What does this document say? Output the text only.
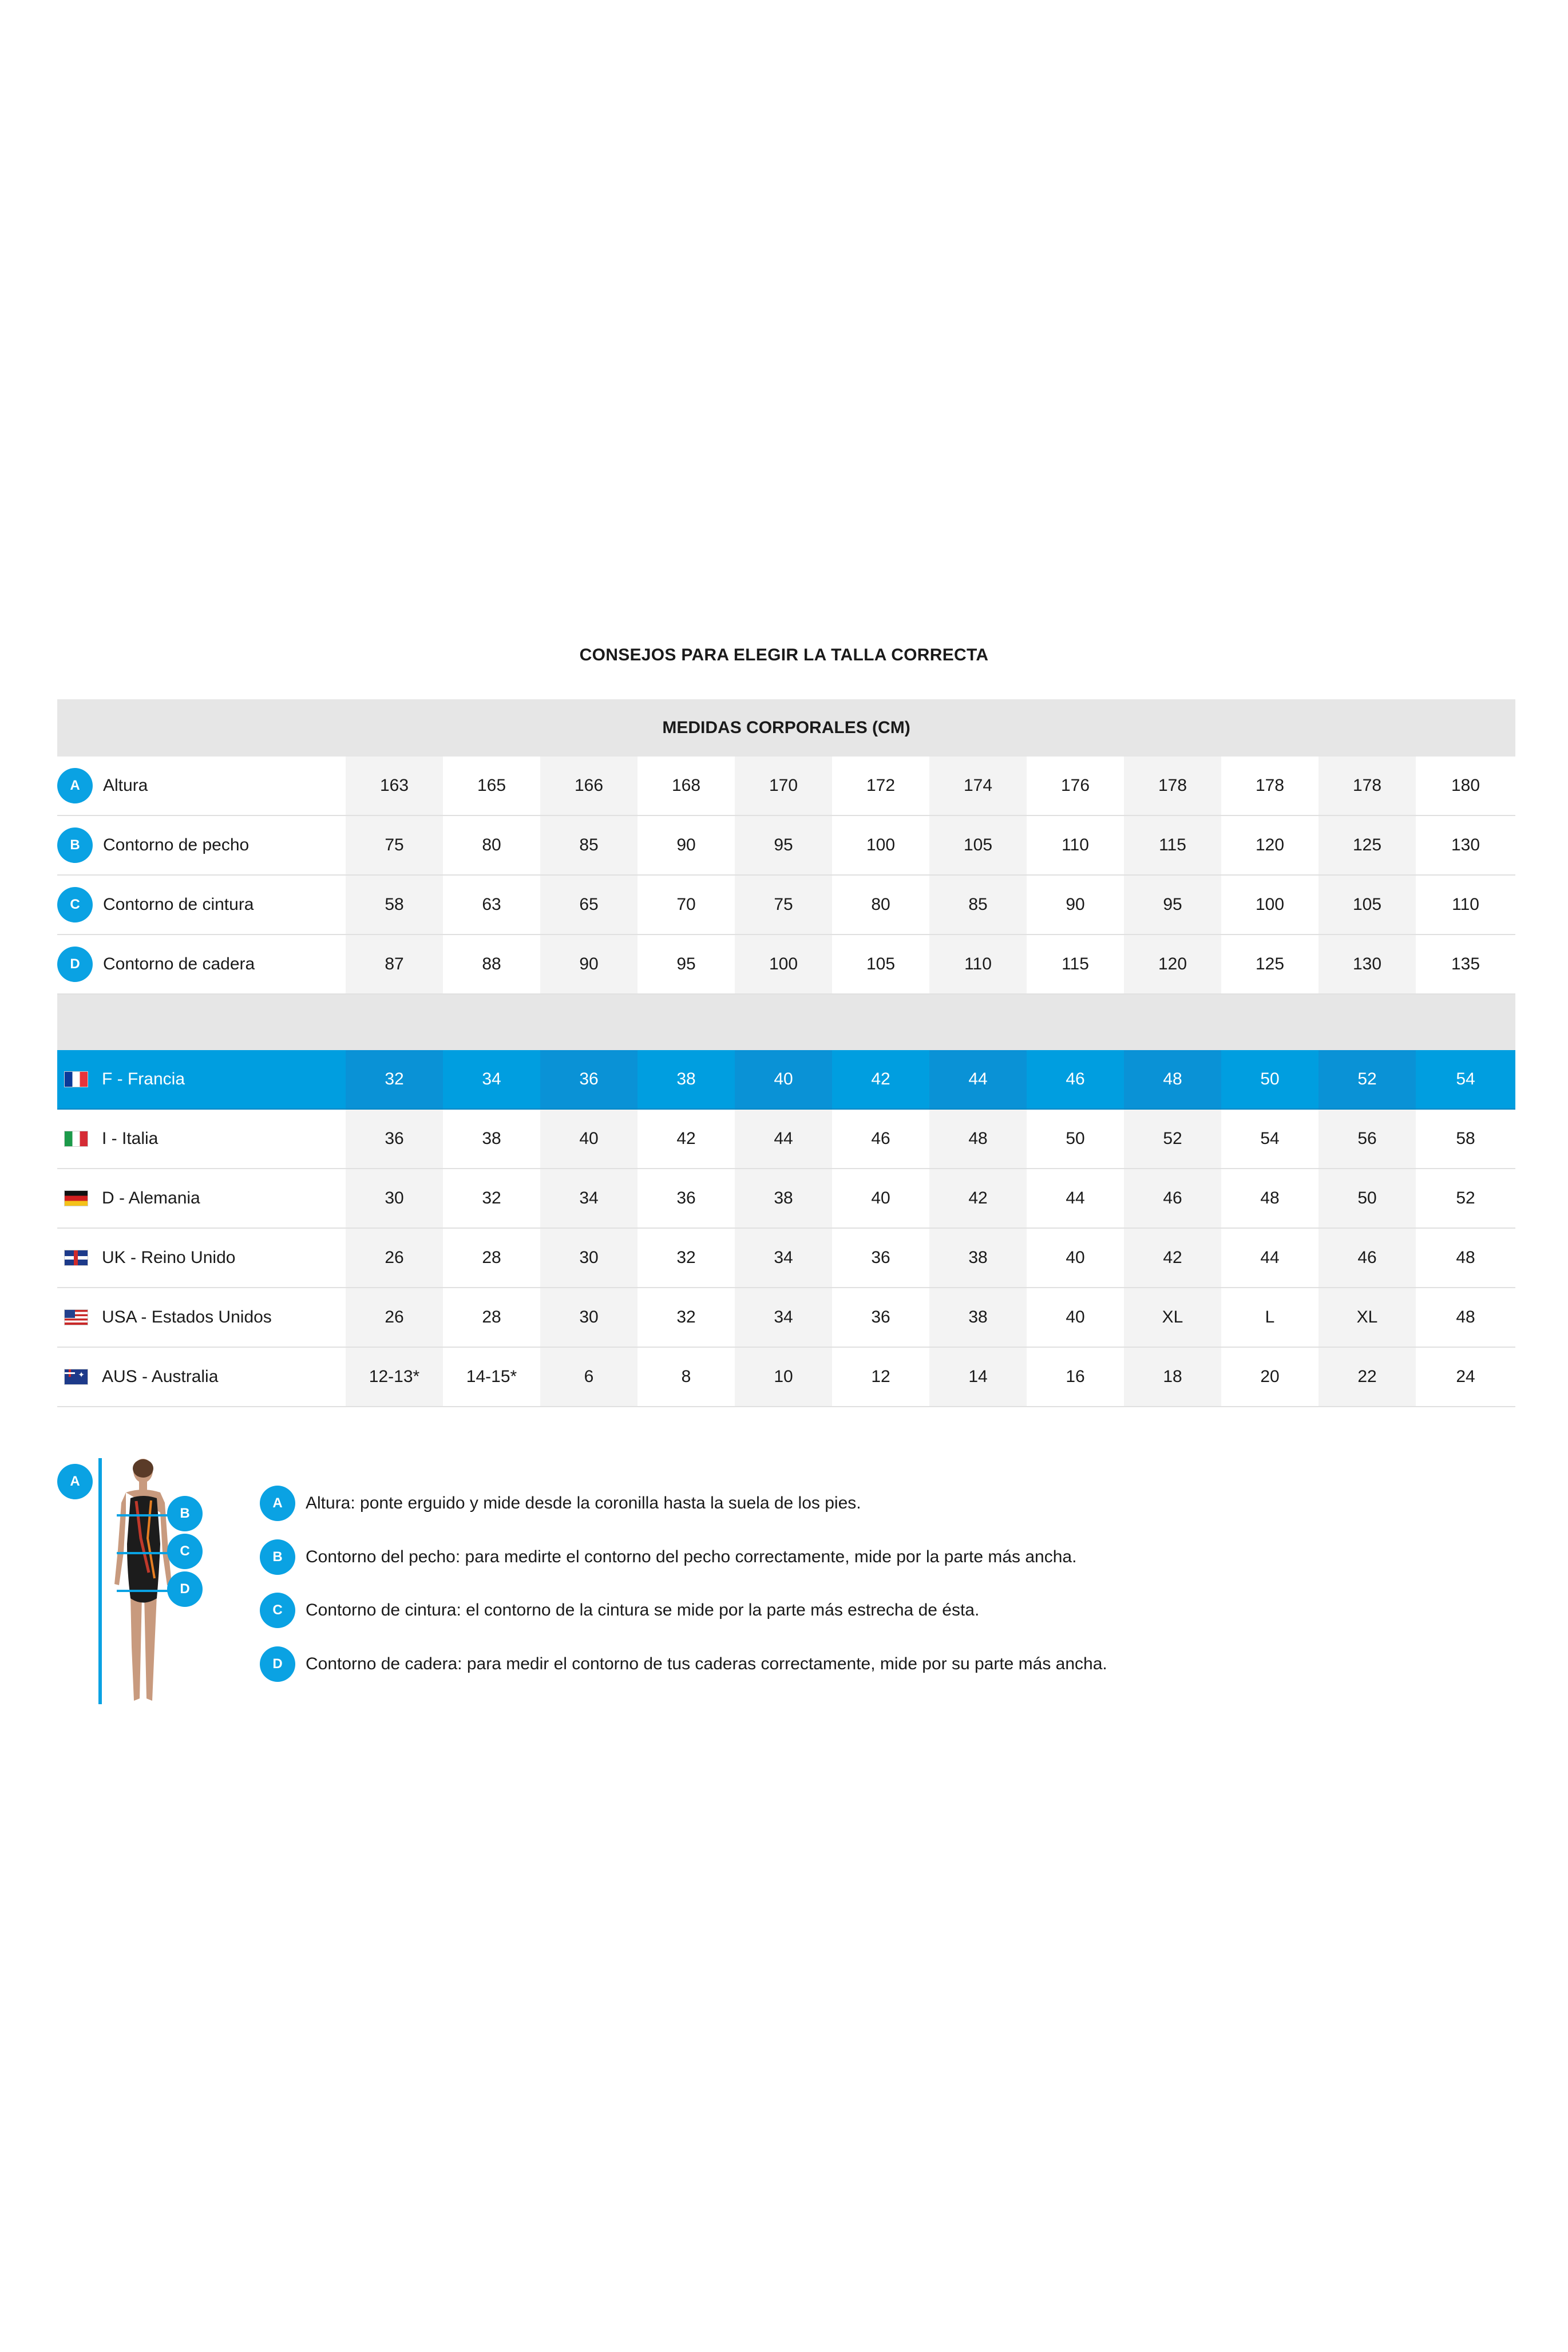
CONSEJOS PARA ELEGIR LA TALLA CORRECTA
MEDIDAS CORPORALES (CM)												

A Altura	163	165	166	168	170	172	174	176	178	178	178	180

B Contorno de pecho	75	80	85	90	95	100	105	110	115	120	125	130

C Contorno de cintura	58	63	65	70	75	80	85	90	95	100	105	110

D Contorno de cadera	87	88	90	95	100	105	110	115	120	125	130	135

F - Francia	32	34	36	38	40	42	44	46	48	50	52	54

I - Italia	36	38	40	42	44	46	48	50	52	54	56	58

D - Alemania	30	32	34	36	38	40	42	44	46	48	50	52

UK - Reino Unido	26	28	30	32	34	36	38	40	42	44	46	48

USA - Estados Unidos	26	28	30	32	34	36	38	40	XL	L	XL	48

✦
AUS - Australia	12-13*	14-15*	6	8	10	12	14	16	18	20	22	24
A
B
C
D
A	Altura: ponte erguido y mide desde la coronilla hasta la suela de los pies.
B	Contorno del pecho: para medirte el contorno del pecho correctamente, mide por la parte más ancha.
C	Contorno de cintura: el contorno de la cintura se mide por la parte más estrecha de ésta.
D	Contorno de cadera: para medir el contorno de tus caderas correctamente, mide por su parte más ancha.
